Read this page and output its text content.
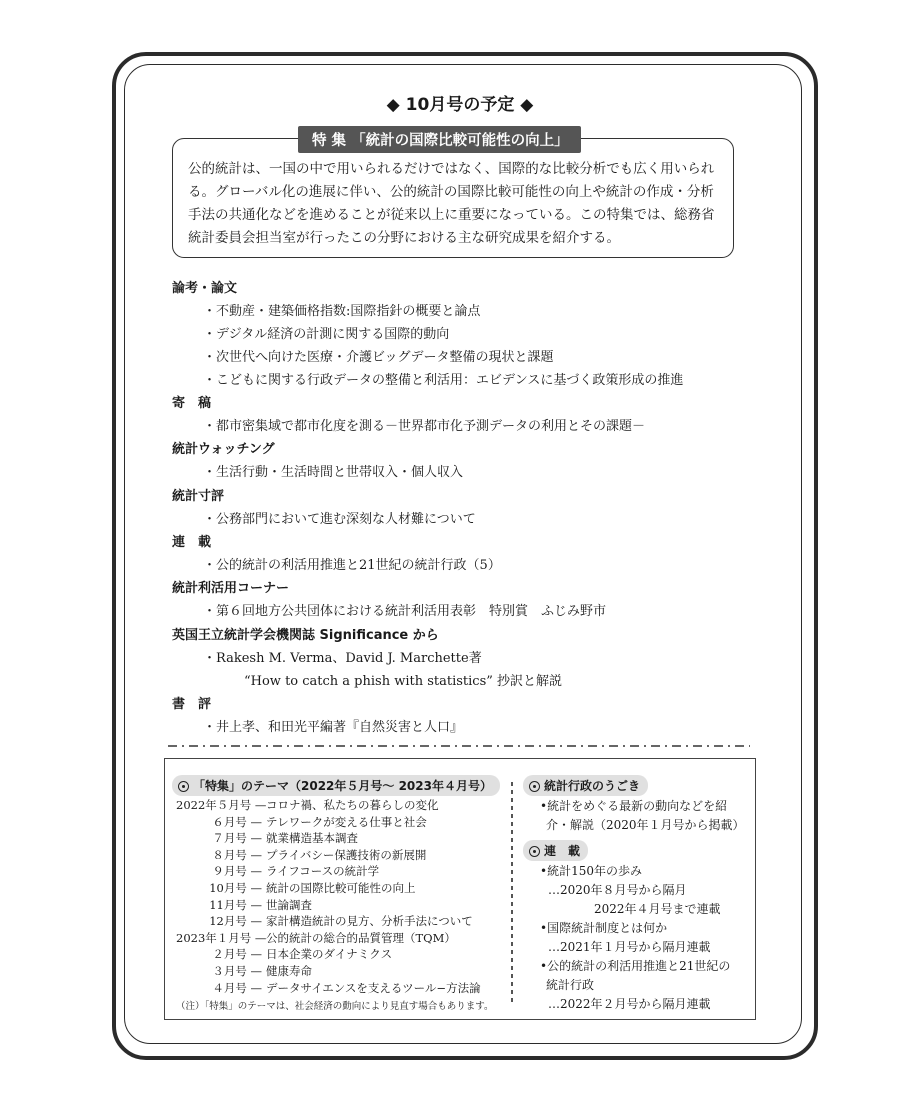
◆ 10月号の予定 ◆
特 集 「統計の国際比較可能性の向上」
公的統計は、一国の中で用いられるだけではなく、国際的な比較分析でも広く用いられ
る。グローバル化の進展に伴い、公的統計の国際比較可能性の向上や統計の作成・分析
手法の共通化などを進めることが従来以上に重要になっている。この特集では、総務省
統計委員会担当室が行ったこの分野における主な研究成果を紹介する。
論考・論文
・不動産・建築価格指数:国際指針の概要と論点
・デジタル経済の計測に関する国際的動向
・次世代へ向けた医療・介護ビッグデータ整備の現状と課題
・こどもに関する行政データの整備と利活用：エビデンスに基づく政策形成の推進
寄　稿
・都市密集域で都市化度を測る－世界都市化予測データの利用とその課題－
統計ウォッチング
・生活行動・生活時間と世帯収入・個人収入
統計寸評
・公務部門において進む深刻な人材難について
連　載
・公的統計の利活用推進と21世紀の統計行政（5）
統計利活用コーナー
・第６回地方公共団体における統計利活用表彰　特別賞　ふじみ野市
英国王立統計学会機関誌 Significance から
・Rakesh M. Verma、David J. Marchette著
“How to catch a phish with statistics” 抄訳と解説
書　評
・井上孝、和田光平編著『自然災害と人口』
「特集」のテーマ（2022年５月号～ 2023年４月号）
2022年５月号 — コロナ禍、私たちの暮らしの変化
６月号 — テレワークが変える仕事と社会
７月号 — 就業構造基本調査
８月号 — プライバシー保護技術の新展開
９月号 — ライフコースの統計学
10月号 — 統計の国際比較可能性の向上
11月号 — 世論調査
12月号 — 家計構造統計の見方、分析手法について
2023年１月号 — 公的統計の総合的品質管理（TQM）
２月号 — 日本企業のダイナミクス
３月号 — 健康寿命
４月号 — データサイエンスを支えるツール−方法論
（注）「特集」のテーマは、社会経済の動向により見直す場合もあります。
統計行政のうごき
•統計をめぐる最新の動向などを紹
介・解説（2020年１月号から掲載）
連　載
•統計150年の歩み
…2020年８月号から隔月
2022年４月号まで連載
•国際統計制度とは何か
…2021年１月号から隔月連載
•公的統計の利活用推進と21世紀の
統計行政
…2022年２月号から隔月連載
